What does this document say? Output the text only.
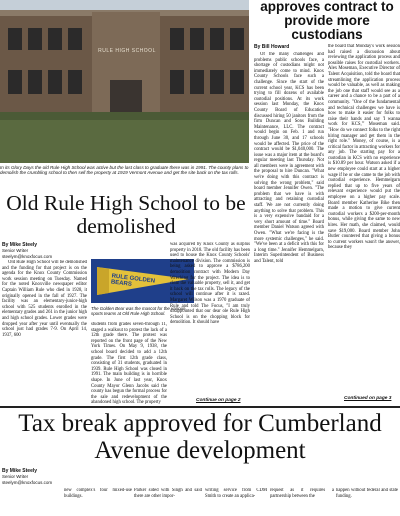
RULE HIGH SCHOOL
In its Glory Days the old Rule High School was active but the last class to graduate there was in 1991. The county plans to demolish the crumbling school to then sell the property at 1919 Vermont Avenue and get the site back on the tax rolls.
Old Rule High School to be demolished
By Mike Steely
Senior Writer
steelym@knoxfocus.com

Old Rule High School will be demolished and the funding for that project is on the agenda for the Knox County Commission work session meeting on Tuesday. Named for the noted Knoxville newspaper editor Captain William Rule who died in 1928, it originally opened in the fall of 1927. The facility was an elementary-junior-high school with 525 students enrolled in the elementary grades and 261 in the junior high and high school grades. Lower grades were dropped year after year until eventually the school just had grades 7-9. On April 14, 1937, 600

RULE GOLDEN BEARS
The Golden Bear was the mascot for the various sports teams at Old Rule High School.

students from grades seven-through 11, staged a walkout to protest the lack of a 12th grade there. The protest was reported on the front page of the New York Times. On May 9, 1938, the school board decided to add a 12th grade. The first 12th grade class, consisting of 31 students, graduated in 1939. Rule High School was closed in 1991. The main building is in horrible shape. In June of last year, Knox County Mayor Glenn Jacobs said the county has begun the formal process for the sale and redevelopment of the abandoned high school. The property

was acquired by Knox County as surplus property in 2018. The old facility has been used to house the Knox County Schools' maintenance division. The commission is being asked to approve a $786,200 demolition contract with Modern Day Wrecking for the project. The idea is to clear the valuable property, sell it, and get it back on the tax rolls. The legacy of the school will continue after it is razed. Margaret Wilson was a 1970 graduate of Rule and told The Focus, "I am truly disappointed that our dear ole Rule High School is on the chopping block for demolition. It should have

Continue on page 2
approves contract to provide more custodians
By Bill Howard

Of the many challenges and problems public schools face, a shortage of custodians might not immediately come to mind. Knox County Schools face such a challenge. Since the start of the current school year, KCS has been trying to fill dozens of available custodial positions. At its work session last Monday, the Knox County Board of Education discussed hiring 50 janitors from the firm Duncan and Sons Building Maintenance, LLC. The contract would begin on Feb. 1 and run through June 30, and 17 schools would be affected. The price of the contract would be $1,040,000. The issue was a major item at the board's regular meeting last Thursday. Not all members were in agreement with the proposal to hire Duncan. "What we're doing with this contract is solving the wrong problem," said board member Jennifer Owen. "The problem that we have is with attracting and retaining custodial staff. We are not currently doing anything to solve that problem. This is a very expensive bandaid for a very short amount of time." Board member Daniel Watson agreed with Owen. "What we're facing is the more systemic challenges," he said. "We've been at a deficit with this for a long time." Jennifer Hemmelgarn, Interim Superintendent of Business and Talent, told

the board that Monday's work session had raised a discussion about reviewing the application process and possible raises for custodial workers. Alex Moseman, Executive Director of Talent Acquisition, told the board that streamlining the application process would be valuable, as well as making the job one that staff would see as a career and a chance to be a part of a community. "One of the fundamental and technical challenges we have is how to make it easier for folks to raise their hands and say 'I wanna work for KCS,'" Moseman said. "How do we connect folks to the right hiring manager and get them in the right role." Money, of course, is a critical factor in attracting workers for any job. The starting pay for a custodian in KCS with no experience is $10.89 per hour. Watson asked if a new employee could start at a higher wage if he or she came to the job with custodial experience. Hemmelgarn replied that up to five years of relevant experience would put the employee on a higher pay scale. Board member Katherine Bike then made a motion to give current custodial workers a $200-per-month bonus, while giving the same to new hires. Her math, she claimed, would save $19,000. Board member John Butler countered that giving a bonus to current workers wasn't the answer, because they

Continued on page 3
Tax break approved for Cumberland Avenue development
By Mike Steely
Senior Writer
steelym@knoxfocus.com
new complex's four mixed-use buildings.
Parker sided with Singh and said there are other impor-
writing service from CDM Smith to create an applica-
request as it requires a partnership between the
happen without federal and state funding.
